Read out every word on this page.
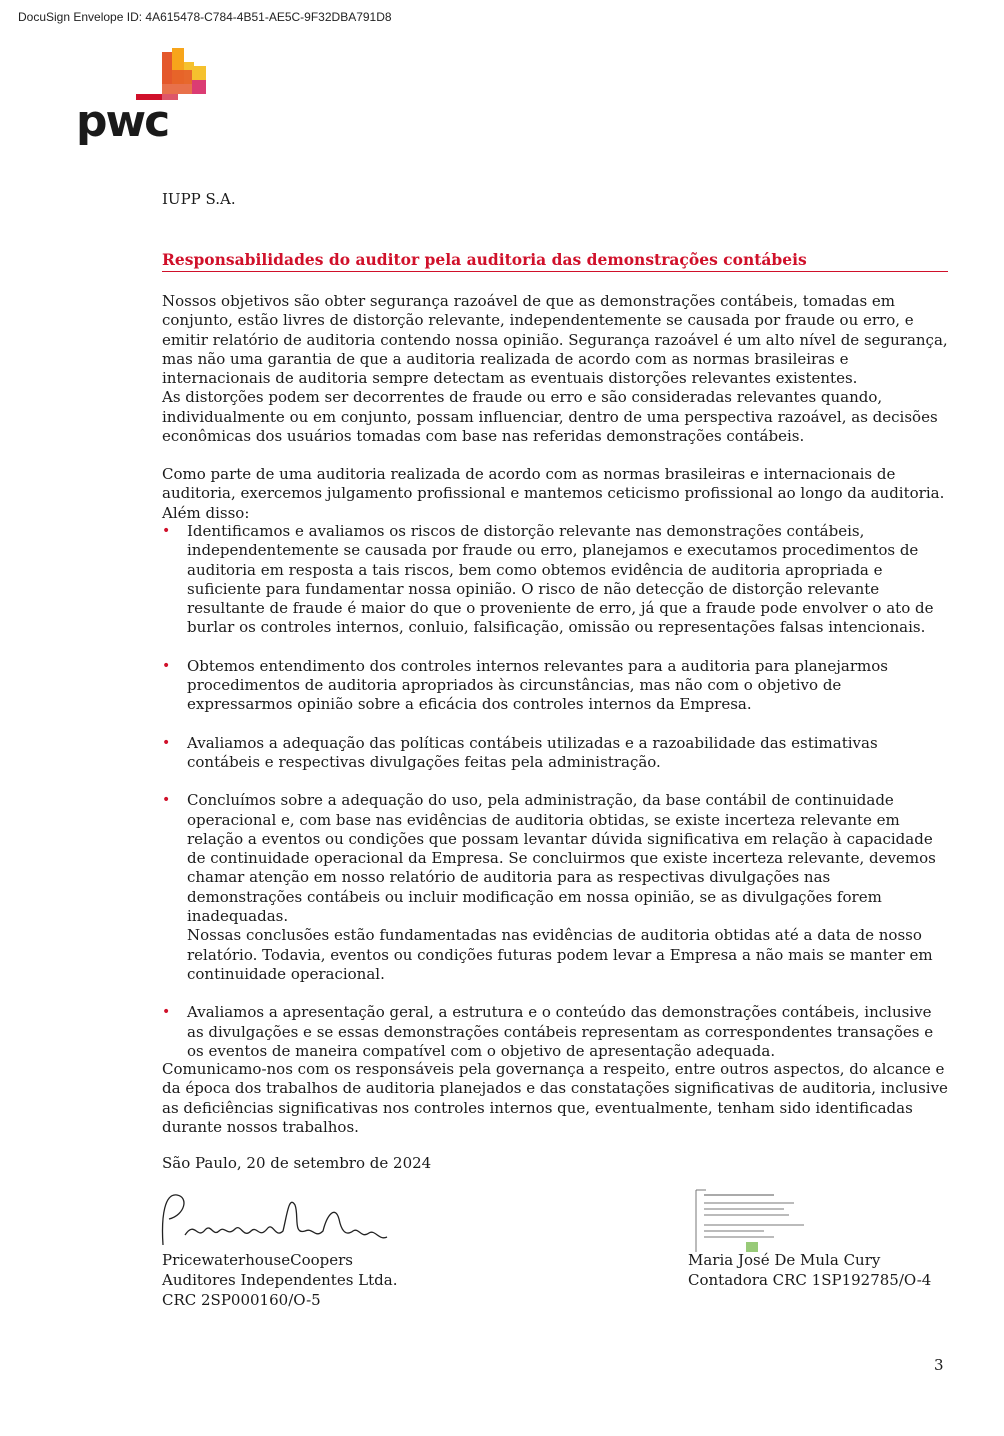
DocuSign Envelope ID: 4A615478-C784-4B51-AE5C-9F32DBA791D8
pwc
IUPP S.A.
Responsabilidades do auditor pela auditoria das demonstrações contábeis
Nossos objetivos são obter segurança razoável de que as demonstrações contábeis, tomadas em conjunto, estão livres de distorção relevante, independentemente se causada por fraude ou erro, e emitir relatório de auditoria contendo nossa opinião. Segurança razoável é um alto nível de segurança, mas não uma garantia de que a auditoria realizada de acordo com as normas brasileiras e internacionais de auditoria sempre detectam as eventuais distorções relevantes existentes.
As distorções podem ser decorrentes de fraude ou erro e são consideradas relevantes quando, individualmente ou em conjunto, possam influenciar, dentro de uma perspectiva razoável, as decisões econômicas dos usuários tomadas com base nas referidas demonstrações contábeis.
Como parte de uma auditoria realizada de acordo com as normas brasileiras e internacionais de auditoria, exercemos julgamento profissional e mantemos ceticismo profissional ao longo da auditoria. Além disso:
• Identificamos e avaliamos os riscos de distorção relevante nas demonstrações contábeis, independentemente se causada por fraude ou erro, planejamos e executamos procedimentos de auditoria em resposta a tais riscos, bem como obtemos evidência de auditoria apropriada e suficiente para fundamentar nossa opinião. O risco de não detecção de distorção relevante resultante de fraude é maior do que o proveniente de erro, já que a fraude pode envolver o ato de burlar os controles internos, conluio, falsificação, omissão ou representações falsas intencionais.
• Obtemos entendimento dos controles internos relevantes para a auditoria para planejarmos procedimentos de auditoria apropriados às circunstâncias, mas não com o objetivo de expressarmos opinião sobre a eficácia dos controles internos da Empresa.
• Avaliamos a adequação das políticas contábeis utilizadas e a razoabilidade das estimativas contábeis e respectivas divulgações feitas pela administração.
• Concluímos sobre a adequação do uso, pela administração, da base contábil de continuidade operacional e, com base nas evidências de auditoria obtidas, se existe incerteza relevante em relação a eventos ou condições que possam levantar dúvida significativa em relação à capacidade de continuidade operacional da Empresa. Se concluirmos que existe incerteza relevante, devemos chamar atenção em nosso relatório de auditoria para as respectivas divulgações nas demonstrações contábeis ou incluir modificação em nossa opinião, se as divulgações forem inadequadas.
Nossas conclusões estão fundamentadas nas evidências de auditoria obtidas até a data de nosso relatório. Todavia, eventos ou condições futuras podem levar a Empresa a não mais se manter em continuidade operacional.
• Avaliamos a apresentação geral, a estrutura e o conteúdo das demonstrações contábeis, inclusive as divulgações e se essas demonstrações contábeis representam as correspondentes transações e os eventos de maneira compatível com o objetivo de apresentação adequada.
Comunicamo-nos com os responsáveis pela governança a respeito, entre outros aspectos, do alcance e da época dos trabalhos de auditoria planejados e das constatações significativas de auditoria, inclusive as deficiências significativas nos controles internos que, eventualmente, tenham sido identificadas durante nossos trabalhos.
São Paulo, 20 de setembro de 2024
PricewaterhouseCoopers
Auditores Independentes Ltda.
CRC 2SP000160/O-5
Maria José De Mula Cury
Contadora CRC 1SP192785/O-4
3
